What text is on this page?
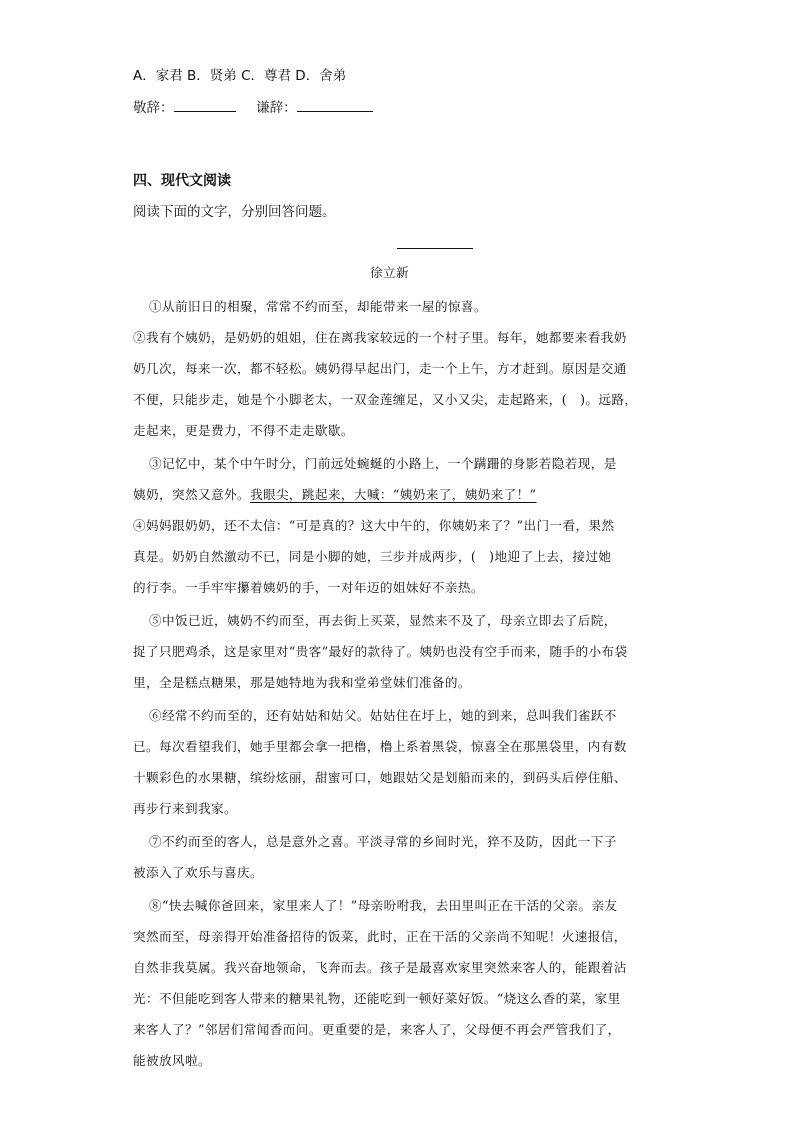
A．家君 B．贤弟 C．尊君 D．舍弟
敬辞：	谦辞：
四、现代文阅读
阅读下面的文字，分别回答问题。
徐立新
①从前旧日的相聚，常常不约而至，却能带来一屋的惊喜。
②我有个姨奶，是奶奶的姐姐，住在离我家较远的一个村子里。每年，她都要来看我奶
奶几次，每来一次，都不轻松。姨奶得早起出门，走一个上午，方才赶到。原因是交通
不便，只能步走，她是个小脚老太，一双金莲缠足，又小又尖，走起路来，(　)。远路，
走起来，更是费力，不得不走走歇歇。
③记忆中，某个中午时分，门前远处蜿蜒的小路上，一个蹒跚的身影若隐若现，是
姨奶，突然又意外。我眼尖，跳起来，大喊：“姨奶来了，姨奶来了！”
④妈妈跟奶奶，还不太信：“可是真的？这大中午的，你姨奶来了？”出门一看，果然
真是。奶奶自然激动不已，同是小脚的她，三步并成两步，(　)地迎了上去，接过她
的行李。一手牢牢攥着姨奶的手，一对年迈的姐妹好不亲热。
⑤中饭已近，姨奶不约而至，再去街上买菜，显然来不及了，母亲立即去了后院，
捉了只肥鸡杀，这是家里对“贵客”最好的款待了。姨奶也没有空手而来，随手的小布袋
里，全是糕点糖果，那是她特地为我和堂弟堂妹们准备的。
⑥经常不约而至的，还有姑姑和姑父。姑姑住在圩上，她的到来，总叫我们雀跃不
已。每次看望我们，她手里都会拿一把橹，橹上系着黑袋，惊喜全在那黑袋里，内有数
十颗彩色的水果糖，缤纷炫丽，甜蜜可口，她跟姑父是划船而来的，到码头后停住船、
再步行来到我家。
⑦不约而至的客人，总是意外之喜。平淡寻常的乡间时光，猝不及防，因此一下子
被添入了欢乐与喜庆。
⑧“快去喊你爸回来，家里来人了！”母亲吩咐我，去田里叫正在干活的父亲。亲友
突然而至，母亲得开始准备招待的饭菜，此时，正在干活的父亲尚不知呢！火速报信，
自然非我莫属。我兴奋地领命，飞奔而去。孩子是最喜欢家里突然来客人的，能跟着沾
光：不但能吃到客人带来的糖果礼物，还能吃到一顿好菜好饭。“烧这么香的菜，家里
来客人了？”邻居们常闻香而问。更重要的是，来客人了，父母便不再会严管我们了，
能被放风啦。
